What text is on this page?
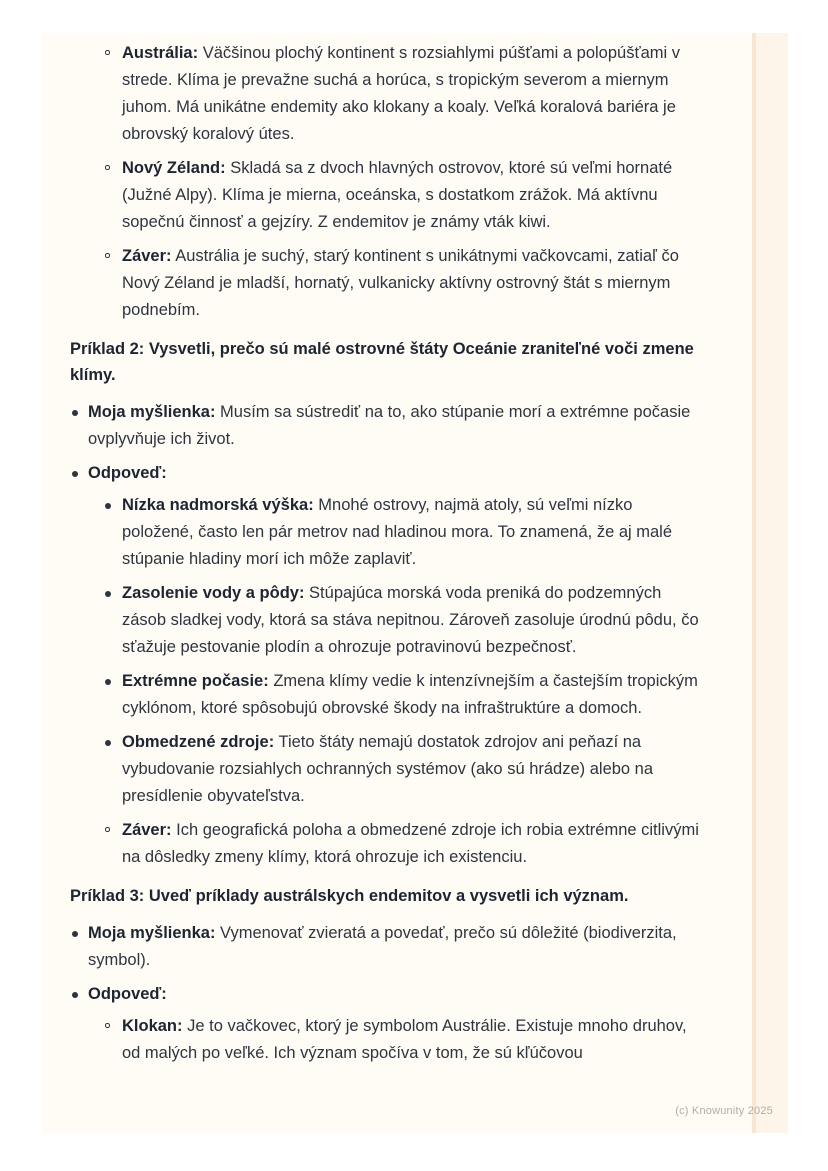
Austrália: Väčšinou plochý kontinent s rozsiahlymi púšťami a polopúšťami v strede. Klíma je prevažne suchá a horúca, s tropickým severom a miernym juhom. Má unikátne endemity ako klokany a koaly. Veľká koralová bariéra je obrovský koralový útes.
Nový Zéland: Skladá sa z dvoch hlavných ostrovov, ktoré sú veľmi hornaté (Južné Alpy). Klíma je mierna, oceánska, s dostatkom zrážok. Má aktívnu sopečnú činnosť a gejzíry. Z endemitov je známy vták kiwi.
Záver: Austrália je suchý, starý kontinent s unikátnymi vačkovcami, zatiaľ čo Nový Zéland je mladší, hornatý, vulkanicky aktívny ostrovný štát s miernym podnebím.
Príklad 2: Vysvetli, prečo sú malé ostrovné štáty Oceánie zraniteľné voči zmene klímy.
Moja myšlienka: Musím sa sústrediť na to, ako stúpanie morí a extrémne počasie ovplyvňuje ich život.
Odpoveď:
Nízka nadmorská výška: Mnohé ostrovy, najmä atoly, sú veľmi nízko položené, často len pár metrov nad hladinou mora. To znamená, že aj malé stúpanie hladiny morí ich môže zaplaviť.
Zasolenie vody a pôdy: Stúpajúca morská voda preniká do podzemných zásob sladkej vody, ktorá sa stáva nepitnou. Zároveň zasoluje úrodnú pôdu, čo sťažuje pestovanie plodín a ohrozuje potravinovú bezpečnosť.
Extrémne počasie: Zmena klímy vedie k intenzívnejším a častejším tropickým cyklónom, ktoré spôsobujú obrovské škody na infraštruktúre a domoch.
Obmedzené zdroje: Tieto štáty nemajú dostatok zdrojov ani peňazí na vybudovanie rozsiahlych ochranných systémov (ako sú hrádze) alebo na presídlenie obyvateľstva.
Záver: Ich geografická poloha a obmedzené zdroje ich robia extrémne citlivými na dôsledky zmeny klímy, ktorá ohrozuje ich existenciu.
Príklad 3: Uveď príklady austrálskych endemitov a vysvetli ich význam.
Moja myšlienka: Vymenovať zvieratá a povedať, prečo sú dôležité (biodiverzita, symbol).
Odpoveď:
Klokan: Je to vačkovec, ktorý je symbolom Austrálie. Existuje mnoho druhov, od malých po veľké. Ich význam spočíva v tom, že sú kľúčovou
(c) Knowunity 2025
